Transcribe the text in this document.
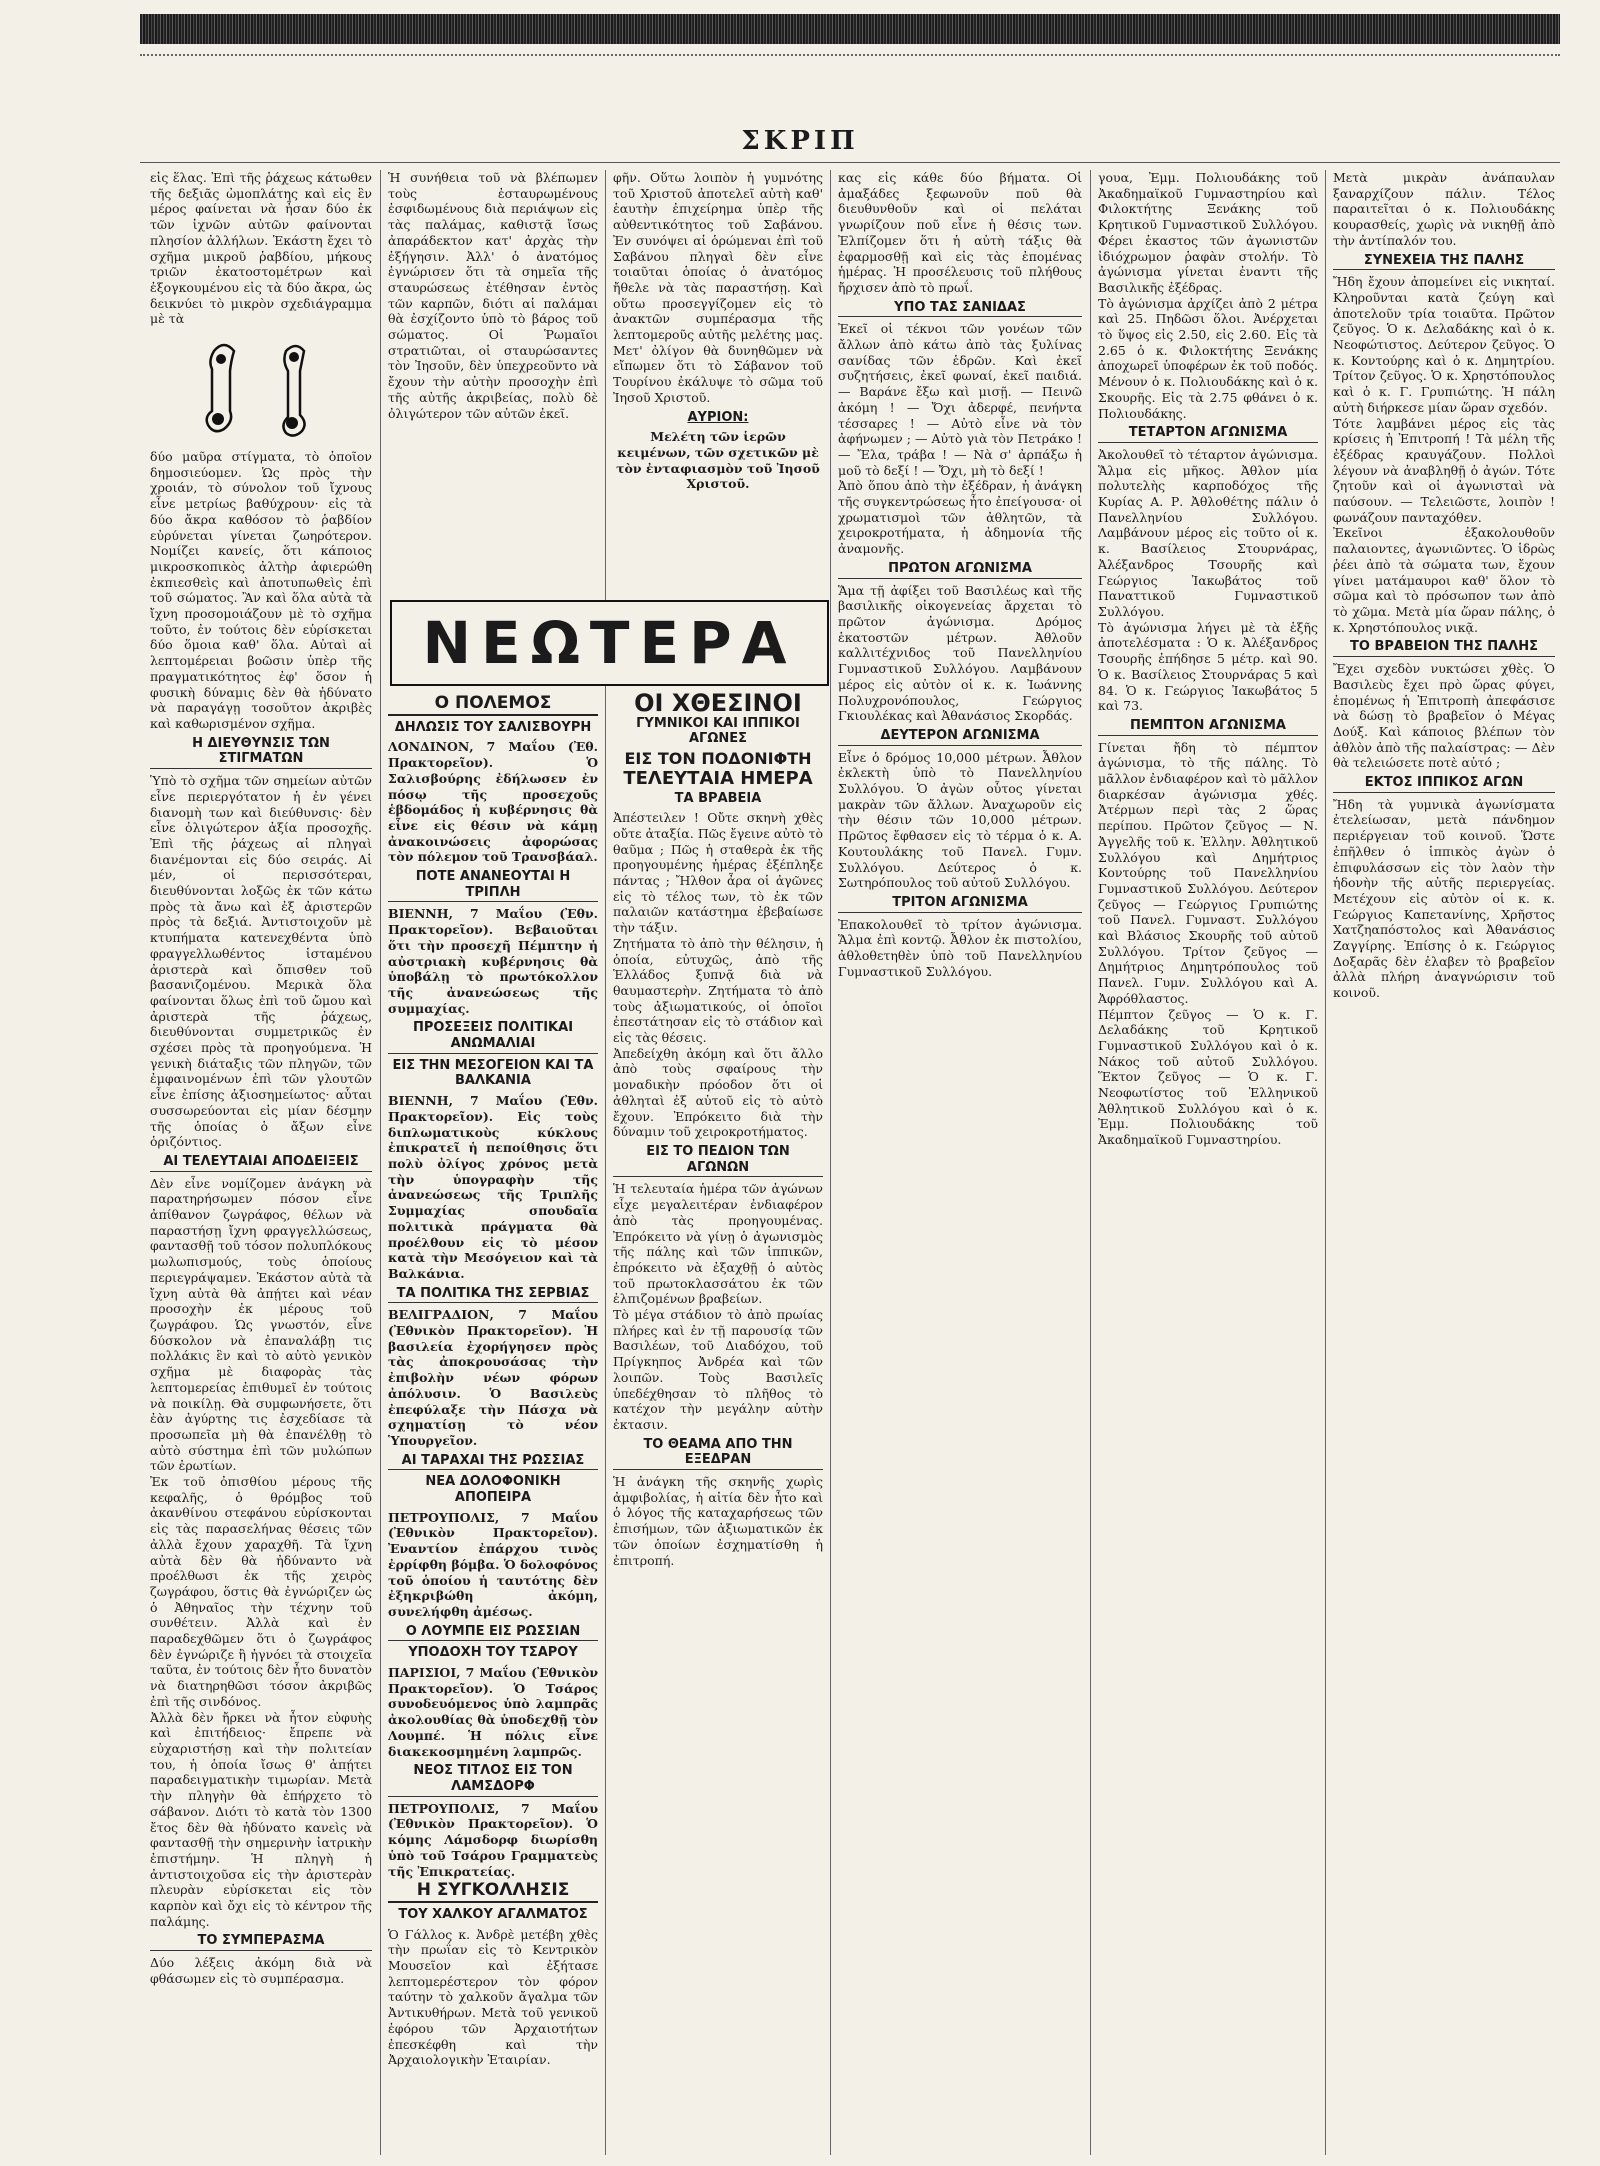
ΣΚΡΙΠ

εἰς ἕλας. Ἐπὶ τῆς ῥάχεως κάτωθεν τῆς δεξιᾶς ὠμοπλάτης καὶ εἰς ἓν μέρος φαίνεται νὰ ἦσαν δύο ἐκ τῶν ἰχνῶν αὐτῶν φαίνονται πλησίον ἀλλήλων. Ἑκάστη ἔχει τὸ σχῆμα μικροῦ ῥαβδίου, μήκους τριῶν ἑκατοστομέτρων καὶ ἐξογκουμένου εἰς τὰ δύο ἄκρα, ὡς δεικνύει τὸ μικρὸν σχεδιάγραμμα μὲ τὰ

δύο μαῦρα στίγματα, τὸ ὁποῖον δημοσιεύομεν. Ὡς πρὸς τὴν χροιάν, τὸ σύνολον τοῦ ἴχνους εἶνε μετρίως βαθύχρουν· εἰς τὰ δύο ἄκρα καθόσον τὸ ῥαβδίον εὐρύνεται γίνεται ζωηρότερον. Νομίζει κανείς, ὅτι κάποιος μικροσκοπικὸς ἀλτὴρ ἀφιερώθη ἐκπιεσθεὶς καὶ ἀποτυπωθεὶς ἐπὶ τοῦ σώματος. Ἂν καὶ ὅλα αὐτὰ τὰ ἴχνη προσομοιάζουν μὲ τὸ σχῆμα τοῦτο, ἐν τούτοις δὲν εὑρίσκεται δύο ὅμοια καθ' ὅλα. Αὐταὶ αἱ λεπτομέρειαι βοῶσιν ὑπὲρ τῆς πραγματικότητος ἐφ' ὅσον ἡ φυσικὴ δύναμις δὲν θὰ ἠδύνατο νὰ παραγάγῃ τοσοῦτον ἀκριβὲς καὶ καθωρισμένον σχῆμα.

Η ΔΙΕΥΘΥΝΣΙΣ ΤΩΝ ΣΤΙΓΜΑΤΩΝ

Ὑπὸ τὸ σχῆμα τῶν σημείων αὐτῶν εἶνε περιεργότατον ἡ ἐν γένει διανομὴ των καὶ διεύθυνσις· δὲν εἶνε ὀλιγώτερον ἀξία προσοχῆς. Ἐπὶ τῆς ῥάχεως αἱ πληγαὶ διανέμονται εἰς δύο σειράς. Αἱ μέν, οἱ περισσότεραι, διευθύνονται λοξῶς ἐκ τῶν κάτω πρὸς τὰ ἄνω καὶ ἐξ ἀριστερῶν πρὸς τὰ δεξιά. Ἀντιστοιχοῦν μὲ κτυπήματα κατενεχθέντα ὑπὸ φραγγελλωθέντος ἱσταμένου ἀριστερὰ καὶ ὄπισθεν τοῦ βασανιζομένου. Μερικὰ ὅλα φαίνονται ὅλως ἐπὶ τοῦ ὤμου καὶ ἀριστερὰ τῆς ῥάχεως, διευθύνονται συμμετρικῶς ἐν σχέσει πρὸς τὰ προηγούμενα. Ἡ γενικὴ διάταξις τῶν πληγῶν, τῶν ἐμφαινομένων ἐπὶ τῶν γλουτῶν εἶνε ἐπίσης ἀξιοσημείωτος· αὗται συσσωρεύονται εἰς μίαν δέσμην τῆς ὁποίας ὁ ἄξων εἶνε ὁριζόντιος.

ΑΙ ΤΕΛΕΥΤΑΙΑΙ ΑΠΟΔΕΙΞΕΙΣ

Δὲν εἶνε νομίζομεν ἀνάγκη νὰ παρατηρήσωμεν πόσον εἶνε ἀπίθανον ζωγράφος, θέλων νὰ παραστήσῃ ἴχνη φραγγελλώσεως, φαντασθῇ τοῦ τόσον πολυπλόκους μωλωπισμούς, τοὺς ὁποίους περιεγράψαμεν. Ἑκάστον αὐτὰ τὰ ἴχνη αὐτὰ θὰ ἀπῄτει καὶ νέαν προσοχὴν ἐκ μέρους τοῦ ζωγράφου. Ὡς γνωστόν, εἶνε δύσκολον νὰ ἐπαναλάβῃ τις πολλάκις ἓν καὶ τὸ αὐτὸ γενικὸν σχῆμα μὲ διαφορὰς τὰς λεπτομερείας ἐπιθυμεῖ ἐν τούτοις νὰ ποικίλῃ. Θὰ συμφωνήσετε, ὅτι ἐὰν ἀγύρτης τις ἐσχεδίασε τὰ προσωπεῖα μὴ θὰ ἐπανέλθῃ τὸ αὐτὸ σύστημα ἐπὶ τῶν μυλώπων τῶν ἐρωτίων.

Ἐκ τοῦ ὀπισθίου μέρους τῆς κεφαλῆς, ὁ θρόμβος τοῦ ἀκανθίνου στεφάνου εὑρίσκονται εἰς τὰς παρασελήνας θέσεις τῶν ἀλλὰ ἔχουν χαραχθῆ. Τὰ ἴχνη αὐτὰ δὲν θὰ ἠδύναντο νὰ προέλθωσι ἐκ τῆς χειρὸς ζωγράφου, ὅστις θὰ ἐγνώριζεν ὡς ὁ Ἀθηναῖος τὴν τέχνην τοῦ συνθέτειν. Ἀλλὰ καὶ ἐν παραδεχθῶμεν ὅτι ὁ ζωγράφος δὲν ἐγνώριζε ἢ ἠγνόει τὰ στοιχεῖα ταῦτα, ἐν τούτοις δὲν ἦτο δυνατὸν νὰ διατηρηθῶσι τόσον ἀκριβῶς ἐπὶ τῆς σινδόνος.

Ἀλλὰ δὲν ἤρκει νὰ ἦτον εὐφυὴς καὶ ἐπιτήδειος· ἔπρεπε νὰ εὐχαριστήσῃ καὶ τὴν πολιτείαν του, ἡ ὁποία ἴσως θ' ἀπῄτει παραδειγματικὴν τιμωρίαν. Μετὰ τὴν πληγὴν θὰ ἐπήρχετο τὸ σάβανον. Διότι τὸ κατὰ τὸν 1300 ἔτος δὲν θὰ ἠδύνατο κανεὶς νὰ φαντασθῇ τὴν σημερινὴν ἰατρικὴν ἐπιστήμην. Ἡ πληγὴ ἡ ἀντιστοιχοῦσα εἰς τὴν ἀριστερὰν πλευρὰν εὑρίσκεται εἰς τὸν καρπὸν καὶ ὄχι εἰς τὸ κέντρον τῆς παλάμης.

ΤΟ ΣΥΜΠΕΡΑΣΜΑ

Δύο λέξεις ἀκόμη διὰ νὰ φθάσωμεν εἰς τὸ συμπέρασμα.

Ἡ συνήθεια τοῦ νὰ βλέπωμεν τοὺς ἐσταυρωμένους ἐσφιδωμένους διὰ περιάψων εἰς τὰς παλάμας, καθιστᾷ ἴσως ἀπαράδεκτον κατ' ἀρχὰς τὴν ἐξήγησιν. Ἀλλ' ὁ ἀνατόμος ἐγνώρισεν ὅτι τὰ σημεῖα τῆς σταυρώσεως ἐτέθησαν ἐντὸς τῶν καρπῶν, διότι αἱ παλάμαι θὰ ἐσχίζοντο ὑπὸ τὸ βάρος τοῦ σώματος. Οἱ Ῥωμαῖοι στρατιῶται, οἱ σταυρώσαντες τὸν Ἰησοῦν, δὲν ὑπεχρεοῦντο νὰ ἔχουν τὴν αὐτὴν προσοχὴν ἐπὶ τῆς αὐτῆς ἀκριβείας, πολὺ δὲ ὀλιγώτερον τῶν αὐτῶν ἐκεῖ.

φῆν. Οὕτω λοιπὸν ἡ γυμνότης τοῦ Χριστοῦ ἀποτελεῖ αὐτὴ καθ' ἑαυτὴν ἐπιχείρημα ὑπὲρ τῆς αὐθεντικότητος τοῦ Σαβάνου. Ἐν συνόψει αἱ ὁρώμεναι ἐπὶ τοῦ Σαβάνου πληγαὶ δὲν εἶνε τοιαῦται ὁποίας ὁ ἀνατόμος ἤθελε νὰ τὰς παραστήσῃ. Καὶ οὕτω προσεγγίζομεν εἰς τὸ ἀνακτῶν συμπέρασμα τῆς λεπτομεροῦς αὐτῆς μελέτης μας. Μετ' ὀλίγον θὰ δυνηθῶμεν νὰ εἴπωμεν ὅτι τὸ Σάβανον τοῦ Τουρίνου ἐκάλυψε τὸ σῶμα τοῦ Ἰησοῦ Χριστοῦ.

ΑΥΡΙΟΝ:

Μελέτη τῶν ἱερῶν κειμένων, τῶν σχετικῶν μὲ τὸν ἐνταφιασμὸν τοῦ Ἰησοῦ Χριστοῦ.

ΝΕΩΤΕΡΑ
Ο ΠΟΛΕΜΟΣ
ΔΗΛΩΣΙΣ ΤΟΥ ΣΑΛΙΣΒΟΥΡΗ

ΛΟΝΔΙΝΟΝ, 7 Μαΐου (Ἐθ. Πρακτορεῖον). Ὁ Σαλισβούρης ἐδήλωσεν ἐν πόσῳ τῆς προσεχοῦς ἑβδομάδος ἡ κυβέρνησις θὰ εἶνε εἰς θέσιν νὰ κάμῃ ἀνακοινώσεις ἀφορώσας τὸν πόλεμον τοῦ Τρανσβάαλ.

ΠΟΤΕ ΑΝΑΝΕΟΥΤΑΙ Η ΤΡΙΠΛΗ

ΒΙΕΝΝΗ, 7 Μαΐου (Ἐθν. Πρακτορεῖον). Βεβαιοῦται ὅτι τὴν προσεχῆ Πέμπτην ἡ αὐστριακὴ κυβέρνησις θὰ ὑποβάλῃ τὸ πρωτόκολλον τῆς ἀνανεώσεως τῆς συμμαχίας.

ΠΡΟΣΕΞΕΙΣ ΠΟΛΙΤΙΚΑΙ ΑΝΩΜΑΛΙΑΙ
ΕΙΣ ΤΗΝ ΜΕΣΟΓΕΙΟΝ ΚΑΙ ΤΑ ΒΑΛΚΑΝΙΑ

ΒΙΕΝΝΗ, 7 Μαΐου (Ἐθν. Πρακτορεῖον). Εἰς τοὺς διπλωματικοὺς κύκλους ἐπικρατεῖ ἡ πεποίθησις ὅτι πολὺ ὀλίγος χρόνος μετὰ τὴν ὑπογραφὴν τῆς ἀνανεώσεως τῆς Τριπλῆς Συμμαχίας σπουδαῖα πολιτικὰ πράγματα θὰ προέλθουν εἰς τὸ μέσον κατὰ τὴν Μεσόγειον καὶ τὰ Βαλκάνια.

ΤΑ ΠΟΛΙΤΙΚΑ ΤΗΣ ΣΕΡΒΙΑΣ

ΒΕΛΙΓΡΑΔΙΟΝ, 7 Μαΐου (Ἐθνικὸν Πρακτορεῖον). Ἡ βασιλεία ἐχορήγησεν πρὸς τὰς ἀποκρουσάσας τὴν ἐπιβολὴν νέων φόρων ἀπόλυσιν. Ὁ Βασιλεὺς ἐπεφύλαξε τὴν Πάσχα νὰ σχηματίσῃ τὸ νέον Ὑπουργεῖον.

ΑΙ ΤΑΡΑΧΑΙ ΤΗΣ ΡΩΣΣΙΑΣ
ΝΕΑ ΔΟΛΟΦΟΝΙΚΗ ΑΠΟΠΕΙΡΑ

ΠΕΤΡΟΥΠΟΛΙΣ, 7 Μαΐου (Ἐθνικὸν Πρακτορεῖον). Ἐναντίον ἐπάρχου τινὸς ἐρρίφθη βόμβα. Ὁ δολοφόνος τοῦ ὁποίου ἡ ταυτότης δὲν ἐξηκριβώθη ἀκόμη, συνελήφθη ἀμέσως.

Ο ΛΟΥΜΠΕ ΕΙΣ ΡΩΣΣΙΑΝ
ΥΠΟΔΟΧΗ ΤΟΥ ΤΣΑΡΟΥ

ΠΑΡΙΣΙΟΙ, 7 Μαΐου (Ἐθνικὸν Πρακτορεῖον). Ὁ Τσάρος συνοδευόμενος ὑπὸ λαμπρᾶς ἀκολουθίας θὰ ὑποδεχθῇ τὸν Λουμπέ. Ἡ πόλις εἶνε διακεκοσμημένη λαμπρῶς.

ΝΕΟΣ ΤΙΤΛΟΣ ΕΙΣ ΤΟΝ ΛΑΜΣΔΟΡΦ

ΠΕΤΡΟΥΠΟΛΙΣ, 7 Μαΐου (Ἐθνικὸν Πρακτορεῖον). Ὁ κόμης Λάμσδορφ διωρίσθη ὑπὸ τοῦ Τσάρου Γραμματεὺς τῆς Ἐπικρατείας.

Η ΣΥΓΚΟΛΛΗΣΙΣ
ΤΟΥ ΧΑΛΚΟΥ ΑΓΑΛΜΑΤΟΣ

Ὁ Γάλλος κ. Ἀνδρὲ μετέβη χθὲς τὴν πρωΐαν εἰς τὸ Κεντρικὸν Μουσεῖον καὶ ἐξήτασε λεπτομερέστερον τὸν φόρον ταύτην τὸ χαλκοῦν ἄγαλμα τῶν Ἀντικυθήρων. Μετὰ τοῦ γενικοῦ ἐφόρου τῶν Ἀρχαιοτήτων ἐπεσκέφθη καὶ τὴν Ἀρχαιολογικὴν Ἑταιρίαν.

ΟΙ ΧΘΕΣΙΝΟΙ
ΓΥΜΝΙΚΟΙ ΚΑΙ ΙΠΠΙΚΟΙ ΑΓΩΝΕΣ
ΕΙΣ ΤΟΝ ΠΟΔΟΝΙΦΤΗ
ΤΕΛΕΥΤΑΙΑ ΗΜΕΡΑ
ΤΑ ΒΡΑΒΕΙΑ

Ἀπέστειλεν ! Οὔτε σκηνὴ χθὲς οὔτε ἀταξία. Πῶς ἔγεινε αὐτὸ τὸ θαῦμα ; Πῶς ἡ σταθερὰ ἐκ τῆς προηγουμένης ἡμέρας ἐξέπληξε πάντας ; Ἤλθον ἆρα οἱ ἀγῶνες εἰς τὸ τέλος των, τὸ ἐκ τῶν παλαιῶν κατάστημα ἐβεβαίωσε τὴν τάξιν.

Ζητήματα τὸ ἀπὸ τὴν θέλησιν, ἡ ὁποία, εὐτυχῶς, ἀπὸ τῆς Ἑλλάδος ξυπνᾷ διὰ νὰ θαυμαστερὴν. Ζητήματα τὸ ἀπὸ τοὺς ἀξιωματικούς, οἱ ὁποῖοι ἐπεστάτησαν εἰς τὸ στάδιον καὶ εἰς τὰς θέσεις.

Ἀπεδείχθη ἀκόμη καὶ ὅτι ἄλλο ἀπὸ τοὺς σφαίρους τὴν μοναδικὴν πρόοδον ὅτι οἱ ἀθληταὶ ἐξ αὐτοῦ εἰς τὸ αὐτὸ ἔχουν. Ἐπρόκειτο διὰ τὴν δύναμιν τοῦ χειροκροτήματος.

ΕΙΣ ΤΟ ΠΕΔΙΟΝ ΤΩΝ ΑΓΩΝΩΝ

Ἡ τελευταία ἡμέρα τῶν ἀγώνων εἶχε μεγαλειτέραν ἐνδιαφέρον ἀπὸ τὰς προηγουμένας. Ἐπρόκειτο νὰ γίνῃ ὁ ἀγωνισμὸς τῆς πάλης καὶ τῶν ἱππικῶν, ἐπρόκειτο νὰ ἐξαχθῇ ὁ αὐτὸς τοῦ πρωτοκλασσάτου ἐκ τῶν ἐλπιζομένων βραβείων.

Τὸ μέγα στάδιον τὸ ἀπὸ πρωίας πλήρες καὶ ἐν τῇ παρουσίᾳ τῶν Βασιλέων, τοῦ Διαδόχου, τοῦ Πρίγκηπος Ἀνδρέα καὶ τῶν λοιπῶν. Τοὺς Βασιλεῖς ὑπεδέχθησαν τὸ πλῆθος τὸ κατέχον τὴν μεγάλην αὐτὴν ἐκτασιν.

ΤΟ ΘΕΑΜΑ ΑΠΟ ΤΗΝ ΕΞΕΔΡΑΝ

Ἡ ἀνάγκη τῆς σκηνῆς χωρὶς ἀμφιβολίας, ἡ αἰτία δὲν ἦτο καὶ ὁ λόγος τῆς καταχαρήσεως τῶν ἐπισήμων, τῶν ἀξιωματικῶν ἐκ τῶν ὁποίων ἐσχηματίσθη ἡ ἐπιτροπή.

κας εἰς κάθε δύο βήματα. Οἱ ἀμαξάδες ξεφωνοῦν ποῦ θὰ διευθυνθοῦν καὶ οἱ πελάται γνωρίζουν ποῦ εἶνε ἡ θέσις των. Ἐλπίζομεν ὅτι ἡ αὐτὴ τάξις θὰ ἐφαρμοσθῇ καὶ εἰς τὰς ἐπομένας ἡμέρας. Ἡ προσέλευσις τοῦ πλήθους ἤρχισεν ἀπὸ τὸ πρωΐ.

ΥΠΟ ΤΑΣ ΣΑΝΙΔΑΣ

Ἐκεῖ οἱ τέκνοι τῶν γονέων τῶν ἄλλων ἀπὸ κάτω ἀπὸ τὰς ξυλίνας σανίδας τῶν ἑδρῶν. Καὶ ἐκεῖ συζητήσεις, ἐκεῖ φωναί, ἐκεῖ παιδιά. — Βαράνε ἔξω καὶ μισῇ. — Πεινῶ ἀκόμη ! — Ὄχι ἀδερφέ, πενήντα τέσσαρες ! — Αὐτὸ εἶνε νὰ τὸν ἀφήνωμεν ; — Αὐτὸ γιὰ τὸν Πετράκο ! — Ἔλα, τράβα ! — Νὰ σ' ἀρπάξω ἡ μοῦ τὸ δεξί ! — Ὄχι, μὴ τὸ δεξί !

Ἀπὸ ὅπου ἀπὸ τὴν ἐξέδραν, ἡ ἀνάγκη τῆς συγκεντρώσεως ἦτο ἐπείγουσα· οἱ χρωματισμοὶ τῶν ἀθλητῶν, τὰ χειροκροτήματα, ἡ ἀδημονία τῆς ἀναμονῆς.

ΠΡΩΤΟΝ ΑΓΩΝΙΣΜΑ

Ἅμα τῇ ἀφίξει τοῦ Βασιλέως καὶ τῆς βασιλικῆς οἰκογενείας ἄρχεται τὸ πρῶτον ἀγώνισμα. Δρόμος ἑκατοστῶν μέτρων. Ἀθλοῦν καλλιτέχνιδος τοῦ Πανελληνίου Γυμναστικοῦ Συλλόγου. Λαμβάνουν μέρος εἰς αὐτὸν οἱ κ. κ. Ἰωάννης Πολυχρονόπουλος, Γεώργιος Γκιουλέκας καὶ Ἀθανάσιος Σκορδάς.

ΔΕΥΤΕΡΟΝ ΑΓΩΝΙΣΜΑ

Εἶνε ὁ δρόμος 10,000 μέτρων. Ἆθλον ἐκλεκτὴ ὑπὸ τὸ Πανελληνίου Συλλόγου. Ὁ ἀγὼν οὗτος γίνεται μακρὰν τῶν ἄλλων. Ἀναχωροῦν εἰς τὴν θέσιν τῶν 10,000 μέτρων. Πρῶτος ἔφθασεν εἰς τὸ τέρμα ὁ κ. Α. Κουτουλάκης τοῦ Πανελ. Γυμν. Συλλόγου. Δεύτερος ὁ κ. Σωτηρόπουλος τοῦ αὐτοῦ Συλλόγου.

ΤΡΙΤΟΝ ΑΓΩΝΙΣΜΑ

Ἐπακολουθεῖ τὸ τρίτον ἀγώνισμα. Ἅλμα ἐπὶ κοντῷ. Ἆθλον ἐκ πιστολίου, ἀθλοθετηθὲν ὑπὸ τοῦ Πανελληνίου Γυμναστικοῦ Συλλόγου.

γουα, Ἐμμ. Πολιουδάκης τοῦ Ἀκαδημαϊκοῦ Γυμναστηρίου καὶ Φιλοκτήτης Ξενάκης τοῦ Κρητικοῦ Γυμναστικοῦ Συλλόγου. Φέρει ἑκαστος τῶν ἀγωνιστῶν ἰδιόχρωμον ῥαφὰν στολήν. Τὸ ἀγώνισμα γίνεται ἐναντι τῆς Βασιλικῆς ἐξέδρας.

Τὸ ἀγώνισμα ἀρχίζει ἀπὸ 2 μέτρα καὶ 25. Πηδῶσι ὅλοι. Ἀνέρχεται τὸ ὕψος εἰς 2.50, εἰς 2.60. Εἰς τὰ 2.65 ὁ κ. Φιλοκτήτης Ξενάκης ἀποχωρεῖ ὑποφέρων ἐκ τοῦ ποδός. Μένουν ὁ κ. Πολιουδάκης καὶ ὁ κ. Σκουρῆς. Εἰς τὰ 2.75 φθάνει ὁ κ. Πολιουδάκης.

ΤΕΤΑΡΤΟΝ ΑΓΩΝΙΣΜΑ

Ἀκολουθεῖ τὸ τέταρτον ἀγώνισμα. Ἅλμα εἰς μῆκος. Ἀθλον μία πολυτελὴς καρποδόχος τῆς Κυρίας Α. Ρ. Ἀθλοθέτης πάλιν ὁ Πανελληνίου Συλλόγου. Λαμβάνουν μέρος εἰς τοῦτο οἱ κ. κ. Βασίλειος Στουρνάρας, Ἀλέξανδρος Τσουρῆς καὶ Γεώργιος Ἰακωβάτος τοῦ Παναττικοῦ Γυμναστικοῦ Συλλόγου.

Τὸ ἀγώνισμα λήγει μὲ τὰ ἑξῆς ἀποτελέσματα : Ὁ κ. Ἀλέξανδρος Τσουρῆς ἐπήδησε 5 μέτρ. καὶ 90. Ὁ κ. Βασίλειος Στουρνάρας 5 καὶ 84. Ὁ κ. Γεώργιος Ἰακωβάτος 5 καὶ 73.

ΠΕΜΠΤΟΝ ΑΓΩΝΙΣΜΑ

Γίνεται ἤδη τὸ πέμπτον ἀγώνισμα, τὸ τῆς πάλης. Τὸ μᾶλλον ἐνδιαφέρον καὶ τὸ μᾶλλον διαρκέσαν ἀγώνισμα χθές. Ἀτέρμων περὶ τὰς 2 ὥρας περίπου. Πρῶτον ζεῦγος — Ν. Ἀγγελῆς τοῦ κ. Ἑλλην. Ἀθλητικοῦ Συλλόγου καὶ Δημήτριος Κοντούρης τοῦ Πανελληνίου Γυμναστικοῦ Συλλόγου. Δεύτερον ζεῦγος — Γεώργιος Γρυπιώτης τοῦ Πανελ. Γυμναστ. Συλλόγου καὶ Βλάσιος Σκουρῆς τοῦ αὐτοῦ Συλλόγου. Τρίτον ζεῦγος — Δημήτριος Δημητρόπουλος τοῦ Πανελ. Γυμν. Συλλόγου καὶ Α. Ἀφρόθλαστος.

Πέμπτον ζεῦγος — Ὁ κ. Γ. Δελαδάκης τοῦ Κρητικοῦ Γυμναστικοῦ Συλλόγου καὶ ὁ κ. Νάκος τοῦ αὐτοῦ Συλλόγου. Ἕκτον ζεῦγος — Ὁ κ. Γ. Νεοφωτίστος τοῦ Ἑλληνικοῦ Ἀθλητικοῦ Συλλόγου καὶ ὁ κ. Ἐμμ. Πολιουδάκης τοῦ Ἀκαδημαϊκοῦ Γυμναστηρίου.

Μετὰ μικρὰν ἀνάπαυλαν ξαναρχίζουν πάλιν. Τέλος παραιτεῖται ὁ κ. Πολιουδάκης κουρασθείς, χωρὶς νὰ νικηθῇ ἀπὸ τὴν ἀντίπαλόν του.

ΣΥΝΕΧΕΙΑ ΤΗΣ ΠΑΛΗΣ

Ἤδη ἔχουν ἀπομείνει εἰς νικηταί. Κληροῦνται κατὰ ζεύγη καὶ ἀποτελοῦν τρία τοιαῦτα. Πρῶτον ζεῦγος. Ὁ κ. Δελαδάκης καὶ ὁ κ. Νεοφώτιστος. Δεύτερον ζεῦγος. Ὁ κ. Κοντούρης καὶ ὁ κ. Δημητρίου. Τρίτον ζεῦγος. Ὁ κ. Χρηστόπουλος καὶ ὁ κ. Γ. Γρυπιώτης. Ἡ πάλη αὐτὴ διήρκεσε μίαν ὥραν σχεδόν.

Τότε λαμβάνει μέρος εἰς τὰς κρίσεις ἡ Ἐπιτροπή ! Τὰ μέλη τῆς ἐξέδρας κραυγάζουν. Πολλοὶ λέγουν νὰ ἀναβληθῇ ὁ ἀγών. Τότε ζητοῦν καὶ οἱ ἀγωνισταὶ νὰ παύσουν. — Τελειῶστε, λοιπὸν ! φωνάζουν πανταχόθεν.

Ἐκεῖνοι ἐξακολουθοῦν παλαιοντες, ἀγωνιῶντες. Ὁ ἱδρὼς ῥέει ἀπὸ τὰ σώματα των, ἔχουν γίνει ματάμαυροι καθ' ὅλον τὸ σῶμα καὶ τὸ πρόσωπον των ἀπὸ τὸ χῶμα. Μετὰ μία ὥραν πάλης, ὁ κ. Χρηστόπουλος νικᾷ.

ΤΟ ΒΡΑΒΕΙΟΝ ΤΗΣ ΠΑΛΗΣ

Ἔχει σχεδὸν νυκτώσει χθὲς. Ὁ Βασιλεὺς ἔχει πρὸ ὥρας φύγει, ἐπομένως ἡ Ἐπιτροπὴ ἀπεφάσισε νὰ δώσῃ τὸ βραβεῖον ὁ Μέγας Δούξ. Καὶ κάποιος βλέπων τὸν ἀθλὸν ἀπὸ τῆς παλαίστρας: — Δὲν θὰ τελειώσετε ποτὲ αὐτό ;

ΕΚΤΟΣ ΙΠΠΙΚΟΣ ΑΓΩΝ

Ἤδη τὰ γυμνικὰ ἀγωνίσματα ἐτελείωσαν, μετὰ πάνδημον περιέργειαν τοῦ κοινοῦ. Ὥστε ἐπῆλθεν ὁ ἱππικὸς ἀγὼν ὁ ἐπιφυλάσσων εἰς τὸν λαὸν τὴν ἡδονὴν τῆς αὐτῆς περιεργείας. Μετέχουν εἰς αὐτὸν οἱ κ. κ. Γεώργιος Καπετανίνης, Χρῆστος Χατζηαπόστολος καὶ Ἀθανάσιος Ζαγγίρης. Ἐπίσης ὁ κ. Γεώργιος Δοξαρᾶς δὲν ἐλαβεν τὸ βραβεῖον ἀλλὰ πλήρη ἀναγνώρισιν τοῦ κοινοῦ.
